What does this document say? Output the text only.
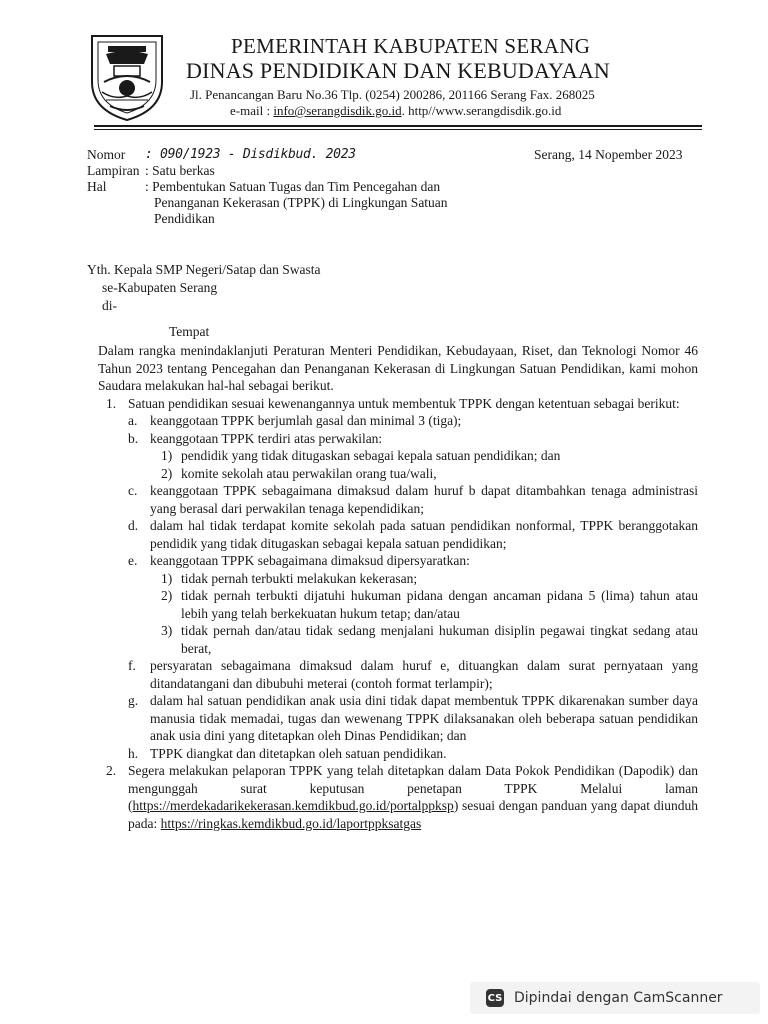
PEMERINTAH KABUPATEN SERANG
DINAS PENDIDIKAN DAN KEBUDAYAAN
Jl. Penancangan Baru No.36 Tlp. (0254) 200286, 201166 Serang Fax. 268025
e-mail : info@serangdisdik.go.id. http//www.serangdisdik.go.id
Nomor	: 090/1923 - Disdikbud. 2023
Lampiran : Satu berkas
Hal	: Pembentukan Satuan Tugas dan Tim Pencegahan dan Penanganan Kekerasan (TPPK) di Lingkungan Satuan Pendidikan
Serang, 14 Nopember 2023
Yth. Kepala SMP Negeri/Satap dan Swasta
se-Kabupaten Serang
di-
Tempat

Dalam rangka menindaklanjuti Peraturan Menteri Pendidikan, Kebudayaan, Riset, dan Teknologi Nomor 46 Tahun 2023 tentang Pencegahan dan Penanganan Kekerasan di Lingkungan Satuan Pendidikan, kami mohon Saudara melakukan hal-hal sebagai berikut.

1. Satuan pendidikan sesuai kewenangannya untuk membentuk TPPK dengan ketentuan sebagai berikut:
a. keanggotaan TPPK berjumlah gasal dan minimal 3 (tiga);
b. keanggotaan TPPK terdiri atas perwakilan:
1) pendidik yang tidak ditugaskan sebagai kepala satuan pendidikan; dan
2) komite sekolah atau perwakilan orang tua/wali,
c. keanggotaan TPPK sebagaimana dimaksud dalam huruf b dapat ditambahkan tenaga administrasi yang berasal dari perwakilan tenaga kependidikan;
d. dalam hal tidak terdapat komite sekolah pada satuan pendidikan nonformal, TPPK beranggotakan pendidik yang tidak ditugaskan sebagai kepala satuan pendidikan;
e. keanggotaan TPPK sebagaimana dimaksud dipersyaratkan:
1) tidak pernah terbukti melakukan kekerasan;
2) tidak pernah terbukti dijatuhi hukuman pidana dengan ancaman pidana 5 (lima) tahun atau lebih yang telah berkekuatan hukum tetap; dan/atau
3) tidak pernah dan/atau tidak sedang menjalani hukuman disiplin pegawai tingkat sedang atau berat,
f.	persyaratan sebagaimana dimaksud dalam huruf e, dituangkan dalam surat pernyataan yang ditandatangani dan dibubuhi meterai (contoh format terlampir);
g. dalam hal satuan pendidikan anak usia dini tidak dapat membentuk TPPK dikarenakan sumber daya manusia tidak memadai, tugas dan wewenang TPPK dilaksanakan oleh beberapa satuan pendidikan anak usia dini yang ditetapkan oleh Dinas Pendidikan; dan
h. TPPK diangkat dan ditetapkan oleh satuan pendidikan.
2. Segera melakukan pelaporan TPPK yang telah ditetapkan dalam Data Pokok Pendidikan (Dapodik) dan mengunggah surat keputusan penetapan TPPK Melalui laman (https://merdekadarikekerasan.kemdikbud.go.id/portalppksp) sesuai dengan panduan yang dapat diunduh pada: https://ringkas.kemdikbud.go.id/laportppksatgas
CS Dipindai dengan CamScanner
